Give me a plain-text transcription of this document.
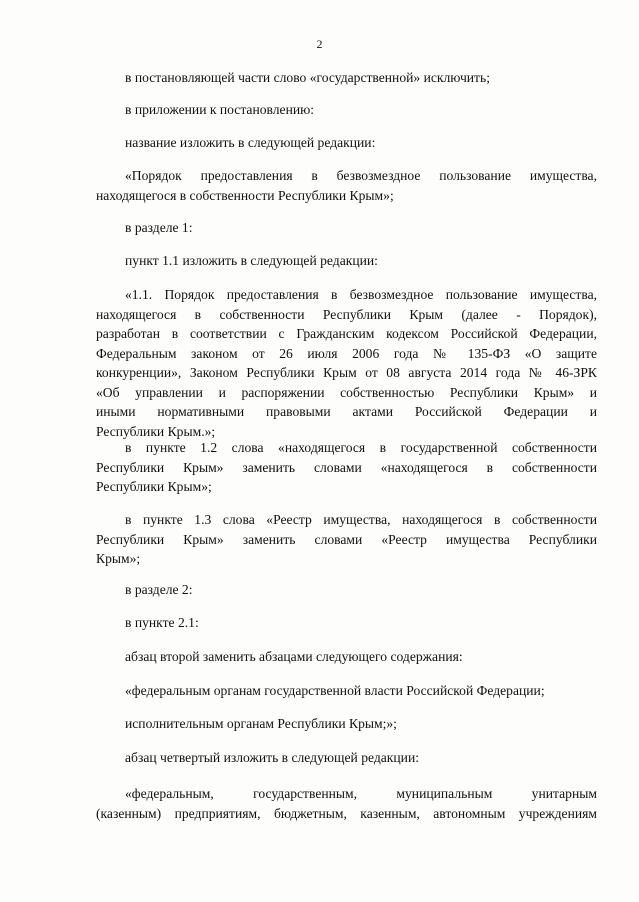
2

в постановляющей части слово «государственной» исключить;

в приложении к постановлению:

название изложить в следующей редакции:

«Порядок предоставления в безвозмездное пользование имущества,
находящегося в собственности Республики Крым»;

в разделе 1:

пункт 1.1 изложить в следующей редакции:

«1.1. Порядок предоставления в безвозмездное пользование имущества,
находящегося в собственности Республики Крым (далее - Порядок),
разработан в соответствии с Гражданским кодексом Российской Федерации,
Федеральным законом от 26 июля 2006 года № 135-ФЗ «О защите
конкуренции», Законом Республики Крым от 08 августа 2014 года № 46-ЗРК
«Об управлении и распоряжении собственностью Республики Крым» и
иными нормативными правовыми актами Российской Федерации и
Республики Крым.»;
в пункте 1.2 слова «находящегося в государственной собственности
Республики Крым» заменить словами «находящегося в собственности
Республики Крым»;
в пункте 1.3 слова «Реестр имущества, находящегося в собственности
Республики Крым» заменить словами «Реестр имущества Республики
Крым»;

в разделе 2:

в пункте 2.1:

абзац второй заменить абзацами следующего содержания:

«федеральным органам государственной власти Российской Федерации;

исполнительным органам Республики Крым;»;

абзац четвертый изложить в следующей редакции:

«федеральным,	государственным,	муниципальным	унитарным
(казенным) предприятиям, бюджетным, казенным, автономным учреждениям
